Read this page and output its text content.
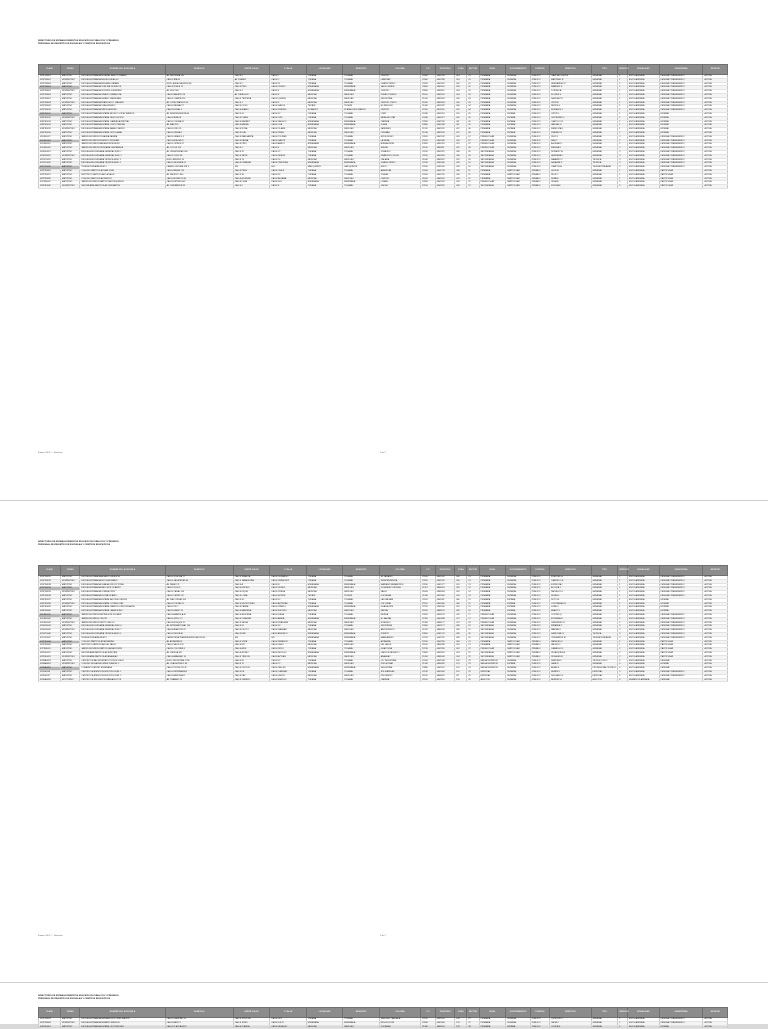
DIRECTORIO DE ESTABLECIMIENTOS EDUCATIVOS PUBLICOS Y PRIVADOS
PERSONAL DE REGISTRO DE ESCUELAS Y CENTROS EDUCATIVOS
CLAVE	TURNO	NOMBRE DE LA ESCUELA	DOMICILIO	ENTRE CALLE	Y CALLE	LOCALIDAD	MUNICIPIO	COLONIA	C.P.	TELEFONO	ZONA	SECTOR	NIVEL	SOSTENIMIENTO	CONTROL	DIRECTOR	TIPO	SERVICIO	MODALIDAD	SUBSISTEMA	ESTATUS
02DPR0001	MATUTINO	ESCUELA PRIMARIA FEDERAL BENITO JUAREZ	AV. REFORMA 120	CALLE 5	CALLE 7	TIJUANA	TIJUANA	CENTRO	22000	6641234	001	01	PRIMARIA	FEDERAL	PUBLICO	GARCIA LOPEZ M.	GENERAL	1	ESCOLARIZADA	FEDERAL TRANSFERIDO	ACTIVA
02DPR0002	VESPERTINO	ESCUELA PRIMARIA MIGUEL HIDALGO	CALLE 3RA 45	AV. JUAREZ	CALLE 2	TIJUANA	TIJUANA	LIBERTAD	22300	6641288	001	01	PRIMARIA	FEDERAL	PUBLICO	MARTINEZ R.	GENERAL	1	ESCOLARIZADA	FEDERAL TRANSFERIDO	ACTIVA
02DPR0003	MATUTINO	ESCUELA PRIMARIA EMILIANO ZAPATA	BLVD. AGUA CALIENTE 88	CALLE 9	CALLE 11	TIJUANA	TIJUANA	CHAPULTEPEC	22020	6641302	002	01	PRIMARIA	FEDERAL	PUBLICO	HERNANDEZ P.	GENERAL	1	ESCOLARIZADA	FEDERAL TRANSFERIDO	ACTIVA
02DPR0004	MATUTINO	ESCUELA PRIMARIA JOSE MA. MORELOS	CALLE ROBLE 12	CALLE PINO	CALLE CEDRO	ENSENADA	ENSENADA	VALLE VERDE	22800	6461100	003	02	PRIMARIA	FEDERAL	PUBLICO	RAMIREZ S.	GENERAL	1	ESCOLARIZADA	FEDERAL TRANSFERIDO	ACTIVA
02DPR0005	VESPERTINO	ESCUELA PRIMARIA VICENTE GUERRERO	AV. RUIZ 300	CALLE 4	CALLE 6	ENSENADA	ENSENADA	CENTRO	22800	6461145	003	02	PRIMARIA	FEDERAL	PUBLICO	TORRES A.	GENERAL	1	ESCOLARIZADA	FEDERAL TRANSFERIDO	ACTIVA
02DPR0006	MATUTINO	ESCUELA PRIMARIA IGNACIO ZARAGOZA	CALLE MADERO 56	AV. OBREGON	CALLE 8	MEXICALI	MEXICALI	PUEBLO NUEVO	21100	6865520	004	03	PRIMARIA	FEDERAL	PUBLICO	FLORES V.	GENERAL	1	ESCOLARIZADA	FEDERAL TRANSFERIDO	ACTIVA
02DPR0007	MATUTINO	ESCUELA PRIMARIA LAZARO CARDENAS	CALLE CUARTA 210	CALLE TERCERA	CALLE QUINTA	MEXICALI	MEXICALI	INDUSTRIAL	21010	6865581	004	03	PRIMARIA	FEDERAL	PUBLICO	SANCHEZ D.	GENERAL	1	ESCOLARIZADA	FEDERAL TRANSFERIDO	ACTIVA
02DPR0008	VESPERTINO	ESCUELA PRIMARIA FRANCISCO I. MADERO	AV. LOPEZ MATEOS 14	CALLE 1	CALLE 3	MEXICALI	MEXICALI	CENTRO CIVICO	21000	6865633	005	03	PRIMARIA	FEDERAL	PUBLICO	CRUZ E.	GENERAL	1	ESCOLARIZADA	FEDERAL TRANSFERIDO	ACTIVA
02DPR0009	MATUTINO	ESCUELA PRIMARIA CUAUHTEMOC	CALLE PALMAS 77	CALLE OLIVO	CALLE SAUCE	TECATE	TECATE	EL REFUGIO	21400	6651022	006	04	PRIMARIA	FEDERAL	PUBLICO	REYES G.	GENERAL	1	ESCOLARIZADA	FEDERAL TRANSFERIDO	ACTIVA
02DPR0010	MATUTINO	ESCUELA PRIMARIA NIÑOS HEROES	CALLE NOGAL 9	CALLE ALAMO	CALLE FRESNO	ROSARITO	PLAYAS DE ROSARITO	CENTRO	22700	6611209	007	04	PRIMARIA	FEDERAL	PUBLICO	MORALES J.	GENERAL	1	ESCOLARIZADA	FEDERAL TRANSFERIDO	ACTIVA
02EPR0011	MATUTINO	ESCUELA PRIMARIA ESTATAL ADOLFO LOPEZ MATEOS	AV. INDEPENDENCIA 44	CALLE 10	CALLE 12	TIJUANA	TIJUANA	OTAY	22430	6641410	010	05	PRIMARIA	ESTATAL	PUBLICO	ORTIZ K.	GENERAL	1	ESCOLARIZADA	ESTATAL	ACTIVA
02EPR0012	VESPERTINO	ESCUELA PRIMARIA ESTATAL REVOLUCION	CALLE MINA 18	CALLE PLATA	CALLE ORO	TIJUANA	TIJUANA	MESA DE OTAY	22430	6641477	010	05	PRIMARIA	ESTATAL	PUBLICO	GUTIERREZ L.	GENERAL	1	ESCOLARIZADA	ESTATAL	ACTIVA
02EPR0013	MATUTINO	ESCUELA PRIMARIA ESTATAL GABRIELA MISTRAL	CALLE COLIMA 65	CALLE NAYARIT	CALLE JALISCO	ENSENADA	ENSENADA	OBRERA	22830	6461290	011	05	PRIMARIA	ESTATAL	PUBLICO	CASTILLO N.	GENERAL	1	ESCOLARIZADA	ESTATAL	ACTIVA
02EPR0014	MATUTINO	ESCUELA PRIMARIA ESTATAL JUSTO SIERRA	AV. MAR 230	CALLE ARENA	CALLE OLA	ENSENADA	ENSENADA	PLAYA	22880	6461338	011	05	PRIMARIA	ESTATAL	PUBLICO	VARGAS O.	GENERAL	1	ESCOLARIZADA	ESTATAL	ACTIVA
02EPR0015	VESPERTINO	ESCUELA PRIMARIA ESTATAL AMADO NERVO	CALLE LIRIO 31	CALLE ROSA	CALLE CLAVEL	MEXICALI	MEXICALI	JARDINES	21220	6865702	012	06	PRIMARIA	ESTATAL	PUBLICO	MENDOZA Q.	GENERAL	1	ESCOLARIZADA	ESTATAL	ACTIVA
02EPR0016	MATUTINO	ESCUELA PRIMARIA ESTATAL SOR JUANA	CALLE FRESA 8	CALLE UVA	CALLE PERA	MEXICALI	MEXICALI	ORIZABA	21240	6865760	012	06	PRIMARIA	ESTATAL	PUBLICO	JIMENEZ R.	GENERAL	1	ESCOLARIZADA	ESTATAL	ACTIVA
02DJN0017	MATUTINO	JARDIN DE NIÑOS ROSAURA ZAPATA	CALLE GIRASOL 5	CALLE MARGARITA	CALLE TULIPAN	TIJUANA	TIJUANA	HIPODROMO	22020	6641532	020	07	PREESCOLAR	FEDERAL	PUBLICO	RUIZ S.	GENERAL	2	ESCOLARIZADA	FEDERAL TRANSFERIDO	ACTIVA
02DJN0018	MATUTINO	JARDIN DE NIÑOS FEDERICO FROEBEL	CALLE ACACIA 70	CALLE PALMA	CALLE SAUCE	TIJUANA	TIJUANA	LA MESA	22105	6641580	020	07	PREESCOLAR	FEDERAL	PUBLICO	DIAZ T.	GENERAL	2	ESCOLARIZADA	FEDERAL TRANSFERIDO	ACTIVA
02DJN0019	MATUTINO	JARDIN DE NIÑOS MARIA MONTESSORI	CALLE CIPRES 22	CALLE PINO	CALLE ABETO	ENSENADA	ENSENADA	BUENA VISTA	22850	6461401	021	07	PREESCOLAR	FEDERAL	PUBLICO	AGUILAR U.	GENERAL	2	ESCOLARIZADA	FEDERAL TRANSFERIDO	ACTIVA
02DJN0020	MATUTINO	JARDIN DE NIÑOS ESTEFANIA CASTAÑEDA	AV. COLON 150	CALLE 2	CALLE 4	MEXICALI	MEXICALI	NUEVA	21100	6865811	022	08	PREESCOLAR	FEDERAL	PUBLICO	MEDINA V.	GENERAL	2	ESCOLARIZADA	FEDERAL TRANSFERIDO	ACTIVA
02DES0021	MATUTINO	ESCUELA SECUNDARIA GENERAL NUM. 1	AV. UNIVERSIDAD 400	CALLE 20	CALLE 22	TIJUANA	TIJUANA	ZONA RIO	22010	6641622	030	09	SECUNDARIA	FEDERAL	PUBLICO	ROMERO W.	GENERAL	3	ESCOLARIZADA	FEDERAL TRANSFERIDO	ACTIVA
02DES0022	VESPERTINO	ESCUELA SECUNDARIA GENERAL NUM. 2	CALLE OCHO 36	CALLE SIETE	CALLE NUEVE	TIJUANA	TIJUANA	FRANCISCO VILLA	22150	6641690	030	09	SECUNDARIA	FEDERAL	PUBLICO	HERRERA X.	GENERAL	3	ESCOLARIZADA	FEDERAL TRANSFERIDO	ACTIVA
02DST0023	MATUTINO	ESCUELA SECUNDARIA TECNICA NUM. 3	BLVD. BENITEZ 90	CALLE 14	CALLE 16	MEXICALI	MEXICALI	CALAFIA	21040	6865870	031	09	SECUNDARIA	FEDERAL	PUBLICO	NAVARRO Y.	TECNICA	3	ESCOLARIZADA	FEDERAL TRANSFERIDO	ACTIVA
02DST0024	MATUTINO	ESCUELA SECUNDARIA TECNICA NUM. 4	CALLE SEGUNDA 11	CALLE PRIMERA	CALLE TERCERA	ENSENADA	ENSENADA	CHAPULTEPEC	22785	6461466	032	10	SECUNDARIA	FEDERAL	PUBLICO	SALAZAR Z.	TECNICA	3	ESCOLARIZADA	FEDERAL TRANSFERIDO	ACTIVA
02DTV0025	MATUTINO	TELESECUNDARIA NUM. 5	CAMINO VECINAL KM 3	S/N	S/N	SAN QUINTIN	SAN QUINTIN	EJIDO	22930	6161020	033	10	SECUNDARIA	FEDERAL	PUBLICO	CAMPOS A.	TELESECUNDARIA	3	ESCOLARIZADA	FEDERAL TRANSFERIDO	ACTIVA
02PPR0026	MATUTINO	COLEGIO PARTICULAR SAN JOSE	CALLE BRASIL 101	CALLE PERU	CALLE CHILE	TIJUANA	TIJUANA	AMERICAS	22040	6641733	040	11	PRIMARIA	PARTICULAR	PRIVADO	LEON B.	GENERAL	1	ESCOLARIZADA	PARTICULAR	ACTIVA
02PPR0027	MATUTINO	INSTITUTO PARTICULAR LA SALLE	AV. PACIFICO 600	CALLE 30	CALLE 32	TIJUANA	TIJUANA	PLAYAS	22500	6641790	040	11	PRIMARIA	PARTICULAR	PRIVADO	RIOS C.	GENERAL	1	ESCOLARIZADA	PARTICULAR	ACTIVA
02PPR0028	MATUTINO	COLEGIO PARTICULAR MEXICO	CALLE MORELOS 44	CALLE ALLENDE	CALLE ALDAMA	MEXICALI	MEXICALI	CENTRO	21000	6865925	041	11	PRIMARIA	PARTICULAR	PRIVADO	PEÑA D.	GENERAL	1	ESCOLARIZADA	PARTICULAR	ACTIVA
02PJN0029	MATUTINO	JARDIN DE NIÑOS PARTICULAR PEQUEÑOS	CALLE ESTRELLA 3	CALLE LUNA	CALLE SOL	ENSENADA	ENSENADA	LOMAS	22830	6461520	042	12	PREESCOLAR	PARTICULAR	PRIVADO	VEGA E.	GENERAL	2	ESCOLARIZADA	PARTICULAR	ACTIVA
02PES0030	VESPERTINO	SECUNDARIA PARTICULAR CERVANTES	AV. CERVANTES 88	CALLE 6	CALLE 8	TIJUANA	TIJUANA	CACHO	22150	6641855	043	12	SECUNDARIA	PARTICULAR	PRIVADO	MOLINA F.	GENERAL	3	ESCOLARIZADA	PARTICULAR	ACTIVA
Fuente: S.E.P. — Directorio	1 de 3
DIRECTORIO DE ESTABLECIMIENTOS EDUCATIVOS PUBLICOS Y PRIVADOS
PERSONAL DE REGISTRO DE ESCUELAS Y CENTROS EDUCATIVOS
CLAVE	TURNO	NOMBRE DE LA ESCUELA	DOMICILIO	ENTRE CALLE	Y CALLE	LOCALIDAD	MUNICIPIO	COLONIA	C.P.	TELEFONO	ZONA	SECTOR	NIVEL	SOSTENIMIENTO	CONTROL	DIRECTOR	TIPO	SERVICIO	MODALIDAD	SUBSISTEMA	ESTATUS
02DPR0031	MATUTINO	ESCUELA PRIMARIA ALVARO OBREGON	CALLE SONORA 17	CALLE SINALOA	CALLE DURANGO	TIJUANA	TIJUANA	EL PARAISO	22106	6641902	050	13	PRIMARIA	FEDERAL	PUBLICO	FUENTES G.	GENERAL	1	ESCOLARIZADA	FEDERAL TRANSFERIDO	ACTIVA
02DPR0032	VESPERTINO	ESCUELA PRIMARIA NICOLAS BRAVO	CALLE ZACATECAS 60	CALLE TAMAULIPAS	CALLE VERACRUZ	TIJUANA	TIJUANA	INDEPENDENCIA	22055	6641955	050	13	PRIMARIA	FEDERAL	PUBLICO	CARRILLO H.	GENERAL	1	ESCOLARIZADA	FEDERAL TRANSFERIDO	ACTIVA
02DPR0033	MATUTINO	ESCUELA PRIMARIA GUADALUPE VICTORIA	AV. PASEO 21	CALLE A	CALLE B	ENSENADA	ENSENADA	MARIANO MATAMOROS	22810	6461577	051	13	PRIMARIA	FEDERAL	PUBLICO	ESPINOZA I.	GENERAL	1	ESCOLARIZADA	FEDERAL TRANSFERIDO	ACTIVA
02DPR0034	MATUTINO	ESCUELA PRIMARIA MELCHOR OCAMPO	CALLE TULE 8	CALLE ENCINO	CALLE ROBLE	MEXICALI	MEXICALI	GONZALEZ ORTEGA	21397	6866010	052	14	PRIMARIA	FEDERAL	PUBLICO	ACOSTA J.	GENERAL	1	ESCOLARIZADA	FEDERAL TRANSFERIDO	ACTIVA
02DPR0035	VESPERTINO	ESCUELA PRIMARIA JOSEFA ORTIZ	CALLE CANAL 140	CALLE DIQUE	CALLE PRESA	MEXICALI	MEXICALI	VALLE	21600	6866058	052	14	PRIMARIA	FEDERAL	PUBLICO	PACHECO K.	GENERAL	1	ESCOLARIZADA	FEDERAL TRANSFERIDO	ACTIVA
02DPR0036	MATUTINO	ESCUELA PRIMARIA LEONA VICARIO	CALLE CERRO 33	CALLE LOMA	CALLE MONTE	TECATE	TECATE	CUCHUMA	21430	6651090	053	14	PRIMARIA	FEDERAL	PUBLICO	ROJAS L.	GENERAL	1	ESCOLARIZADA	FEDERAL TRANSFERIDO	ACTIVA
02EPR0037	MATUTINO	ESCUELA PRIMARIA ESTATAL ALFONSO REYES	AV. DIAZ ORDAZ 500	CALLE 40	CALLE 42	TIJUANA	TIJUANA	LAS PALMAS	22105	6642011	060	15	PRIMARIA	ESTATAL	PUBLICO	SOTO M.	GENERAL	1	ESCOLARIZADA	ESTATAL	ACTIVA
02EPR0038	VESPERTINO	ESCUELA PRIMARIA ESTATAL OCTAVIO PAZ	CALLE POETAS 12	CALLE ESCRITORES	CALLE ARTISTAS	TIJUANA	TIJUANA	CULTURAL	22110	6642066	060	15	PRIMARIA	ESTATAL	PUBLICO	CONTRERAS N.	GENERAL	1	ESCOLARIZADA	ESTATAL	ACTIVA
02EPR0039	MATUTINO	ESCUELA PRIMARIA ESTATAL RAMON LOPEZ VELARDE	CALLE VID 7	CALLE PARRA	CALLE VIÑEDO	ENSENADA	ENSENADA	GUADALUPE	22750	6461630	061	15	PRIMARIA	ESTATAL	PUBLICO	LUNA O.	GENERAL	1	ESCOLARIZADA	ESTATAL	ACTIVA
02EPR0040	MATUTINO	ESCUELA PRIMARIA ESTATAL JAIME NUNO	CALLE HIMNO 19	CALLE BANDERA	CALLE ESCUDO	MEXICALI	MEXICALI	PATRIA	21180	6866120	062	16	PRIMARIA	ESTATAL	PUBLICO	BRAVO P.	GENERAL	1	ESCOLARIZADA	ESTATAL	ACTIVA
02DJN0041	MATUTINO	JARDIN DE NIÑOS BERTHA VON GLUMER	CALLE AMAPOLA 40	CALLE AZUCENA	CALLE DALIA	TIJUANA	TIJUANA	MURUA	22055	6642120	070	17	PREESCOLAR	FEDERAL	PUBLICO	CORTES Q.	GENERAL	2	ESCOLARIZADA	FEDERAL TRANSFERIDO	ACTIVA
02DJN0042	MATUTINO	JARDIN DE NIÑOS CRI-CRI	CALLE GRILLO 2	CALLE CIGARRA	CALLE ABEJA	ENSENADA	ENSENADA	EL SAUZAL	22760	6461688	071	17	PREESCOLAR	FEDERAL	PUBLICO	ESTRADA R.	GENERAL	2	ESCOLARIZADA	FEDERAL TRANSFERIDO	ACTIVA
02DJN0043	VESPERTINO	JARDIN DE NIÑOS PEPITO GRILLO	CALLE BOSQUE 15	CALLE SELVA	CALLE PRADERA	MEXICALI	MEXICALI	ROBLEDO	21384	6866177	072	18	PREESCOLAR	FEDERAL	PUBLICO	GUERRERO S.	GENERAL	2	ESCOLARIZADA	FEDERAL TRANSFERIDO	ACTIVA
02DES0044	MATUTINO	ESCUELA SECUNDARIA GENERAL NUM. 6	AV. INTERNACIONAL 700	CALLE 50	CALLE 52	TIJUANA	TIJUANA	FRONTERA	22000	6642177	080	19	SECUNDARIA	FEDERAL	PUBLICO	MIRANDA T.	GENERAL	3	ESCOLARIZADA	FEDERAL TRANSFERIDO	ACTIVA
02DES0045	VESPERTINO	ESCUELA SECUNDARIA GENERAL NUM. 7	CALLE AVIACION 25	CALLE PILOTO	CALLE HANGAR	MEXICALI	MEXICALI	AEROPUERTO	21290	6866230	081	19	SECUNDARIA	FEDERAL	PUBLICO	IBARRA U.	GENERAL	3	ESCOLARIZADA	FEDERAL TRANSFERIDO	ACTIVA
02DST0046	MATUTINO	ESCUELA SECUNDARIA TECNICA NUM. 8	CALLE PESCA 80	CALLE RED	CALLE ANZUELO	ENSENADA	ENSENADA	PUERTO	22800	6461741	082	20	SECUNDARIA	FEDERAL	PUBLICO	SANDOVAL V.	TECNICA	3	ESCOLARIZADA	FEDERAL TRANSFERIDO	ACTIVA
02DTV0047	MATUTINO	TELESECUNDARIA NUM. 9	CARRETERA TRANSPENINSULAR KM 40	S/N	S/N	ENSENADA	ENSENADA	MANEADERO	22790	6461799	083	20	SECUNDARIA	FEDERAL	PUBLICO	CERVANTES W.	TELESECUNDARIA	3	ESCOLARIZADA	FEDERAL TRANSFERIDO	ACTIVA
02PPR0048	MATUTINO	COLEGIO PARTICULAR ALTAMIRA	AV. ALTAMIRA 55	CALLE VISTA	CALLE MIRADOR	TIJUANA	TIJUANA	ALTAMIRA	22150	6642230	090	21	PRIMARIA	PARTICULAR	PRIVADO	PAREDES X.	GENERAL	1	ESCOLARIZADA	PARTICULAR	ACTIVA
02PPR0049	MATUTINO	INSTITUTO PARTICULAR DEL VALLE	CALLE VALLE 120	CALLE RIO	CALLE LAGO	MEXICALI	MEXICALI	DEL VALLE	21160	6866288	091	21	PRIMARIA	PARTICULAR	PRIVADO	VALDEZ Y.	GENERAL	1	ESCOLARIZADA	PARTICULAR	ACTIVA
02PJN0050	MATUTINO	JARDIN DE NIÑOS PARTICULAR ARCOIRIS	CALLE COLORES 6	CALLE AZUL	CALLE ROJO	TIJUANA	TIJUANA	GUAYCURA	22216	6642290	092	22	PREESCOLAR	PARTICULAR	PRIVADO	CAMACHO Z.	GENERAL	2	ESCOLARIZADA	PARTICULAR	ACTIVA
02PES0051	MATUTINO	SECUNDARIA PARTICULAR EINSTEIN	AV. CIENCIA 300	CALLE ATOMO	CALLE NUCLEO	ENSENADA	ENSENADA	CARLOS PACHECO	22890	6461855	093	22	SECUNDARIA	PARTICULAR	PRIVADO	VELAZQUEZ A.	GENERAL	3	ESCOLARIZADA	PARTICULAR	ACTIVA
02PES0052	VESPERTINO	SECUNDARIA PARTICULAR ANAHUAC	CALLE ANAHUAC 14	CALLE TENOCH	CALLE AZTLAN	MEXICALI	MEXICALI	ANAHUAC	21050	6866340	094	22	SECUNDARIA	PARTICULAR	PRIVADO	ROSALES B.	GENERAL	3	ESCOLARIZADA	PARTICULAR	ACTIVA
02DBA0053	MATUTINO	CENTRO DE BACHILLERATO TECNOLOGICO	BLVD. INDUSTRIAL 1200	CALLE 60	CALLE 62	TIJUANA	TIJUANA	CD. INDUSTRIAL	22444	6642344	100	23	MEDIA SUPERIOR	FEDERAL	PUBLICO	ZAMORA C.	TECNOLOGICO	4	ESCOLARIZADA	FEDERAL	ACTIVA
02DBA0054	VESPERTINO	COLEGIO DE BACHILLERES PLANTEL 2	AV. CUAUHTEMOC 80	CALLE 70	CALLE 72	MEXICALI	MEXICALI	PRO-HOGAR	21240	6866399	101	23	MEDIA SUPERIOR	ESTATAL	PUBLICO	LARA D.	GENERAL	4	ESCOLARIZADA	ESTATAL	ACTIVA
02DBA0055	MATUTINO	CONALEP PLANTEL ENSENADA	CALLE TECNICOS 45	CALLE OFICIOS	CALLE TALLER	ENSENADA	ENSENADA	INDUSTRIAL	22880	6461910	102	24	MEDIA SUPERIOR	FEDERAL	PUBLICO	ARIAS E.	PROFESIONAL TECNICO	4	ESCOLARIZADA	FEDERAL	ACTIVA
02DIN0056	MATUTINO	CENTRO DE ATENCION MULTIPLE NUM. 1	CALLE ESPERANZA 3	CALLE FE	CALLE CARIDAD	TIJUANA	TIJUANA	SOLIDARIDAD	22510	6642400	110	25	ESPECIAL	FEDERAL	PUBLICO	NUÑEZ F.	ESPECIAL	5	ESCOLARIZADA	FEDERAL TRANSFERIDO	ACTIVA
02DIN0057	MATUTINO	CENTRO DE ATENCION MULTIPLE NUM. 2	CALLE ARMONIA 11	CALLE PAZ	CALLE UNION	MEXICALI	MEXICALI	PROGRESO	21190	6866455	111	25	ESPECIAL	FEDERAL	PUBLICO	DELGADO G.	ESPECIAL	5	ESCOLARIZADA	FEDERAL TRANSFERIDO	ACTIVA
02DEA0058	NOCTURNO	CENTRO DE EDUCACION PARA ADULTOS	AV. TRABAJO 20	CALLE OBRERO	CALLE EMPLEO	TIJUANA	TIJUANA	OBRERA	22120	6642455	120	26	ADULTOS	FEDERAL	PUBLICO	BENITEZ H.	ADULTOS	6	SEMIESCOLARIZADA	FEDERAL	ACTIVA
Fuente: S.E.P. — Directorio	2 de 3
DIRECTORIO DE ESTABLECIMIENTOS EDUCATIVOS PUBLICOS Y PRIVADOS
PERSONAL DE REGISTRO DE ESCUELAS Y CENTROS EDUCATIVOS
CLAVE	TURNO	NOMBRE DE LA ESCUELA	DOMICILIO	ENTRE CALLE	Y CALLE	LOCALIDAD	MUNICIPIO	COLONIA	C.P.	TELEFONO	ZONA	SECTOR	NIVEL	SOSTENIMIENTO	CONTROL	DIRECTOR	TIPO	SERVICIO	MODALIDAD	SUBSISTEMA	ESTATUS
02DPR0059	MATUTINO	ESCUELA PRIMARIA HERMANOS FLORES MAGON	CALLE LIBERTAD 90	CALLE JUSTICIA	CALLE LEY	TIJUANA	TIJUANA	SANCHEZ TABOADA	22195	6642510	130	27	PRIMARIA	FEDERAL	PUBLICO	QUINTERO I.	GENERAL	1	ESCOLARIZADA	FEDERAL TRANSFERIDO	ACTIVA
02DPR0060	VESPERTINO	ESCUELA PRIMARIA SERAPIO RENDON	CALLE MAYO 5	CALLE JUNIO	CALLE JULIO	ENSENADA	ENSENADA	REVOLUCION	22830	6461966	131	27	PRIMARIA	FEDERAL	PUBLICO	TAPIA J.	GENERAL	1	ESCOLARIZADA	FEDERAL TRANSFERIDO	ACTIVA
02EPR0061	MATUTINO	ESCUELA PRIMARIA ESTATAL XICOTENCATL	CALLE TLAXCALA 26	CALLE PUEBLA	CALLE HIDALGO	MEXICALI	MEXICALI	CUCAPAH	21340	6866510	132	28	PRIMARIA	ESTATAL	PUBLICO	OCHOA K.	GENERAL	1	ESCOLARIZADA	ESTATAL	ACTIVA
